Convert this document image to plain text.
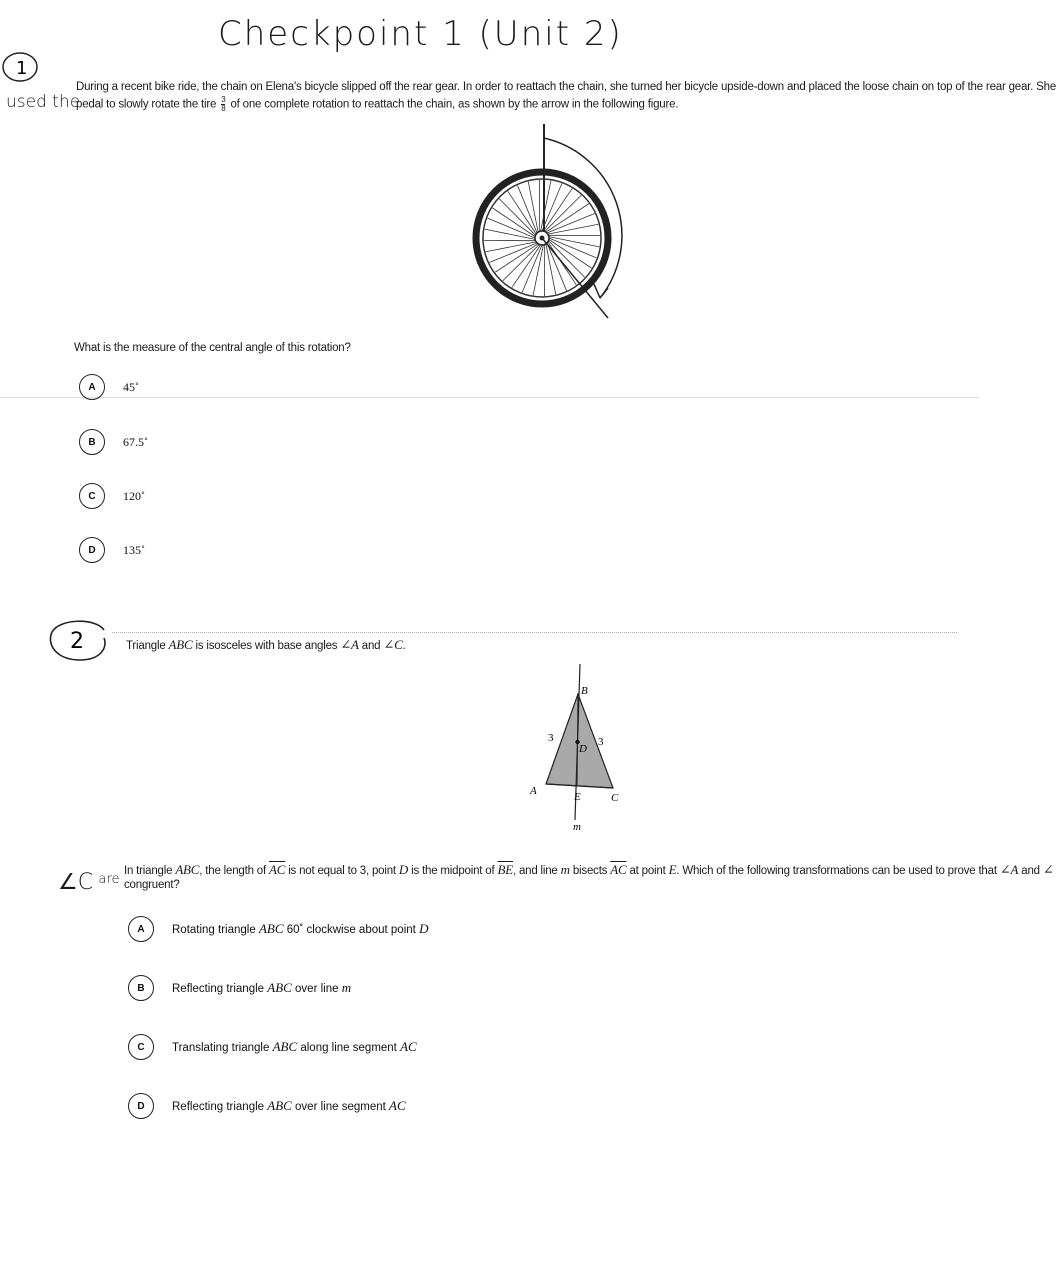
Checkpoint 1 (Unit 2)
1
used the
During a recent bike ride, the chain on Elena's bicycle slipped off the rear gear. In order to reattach the chain, she turned her bicycle upside-down and placed the loose chain on top of the rear gear. She
pedal to slowly rotate the tire $\frac{3}{8}$ of one complete rotation to reattach the chain, as shown by the arrow in the following figure.
What is the measure of the central angle of this rotation?
A	45˚
B	67.5˚
C	120˚
D	135˚
2	Triangle ABC is isosceles with base angles ∠A and ∠C.
B
D
A	E	C
m
3	3
In triangle ABC, the length of $\overline{AC}$ is not equal to 3, point D is the midpoint of $\overline{BE}$, and line m bisects $\overline{AC}$ at point E. Which of the following transformations can be used to prove that ∠A and ∠
congruent?
∠C $^{are}$
A	Rotating triangle ABC 60˚ clockwise about point D
B	Reflecting triangle ABC over line m
C	Translating triangle ABC along line segment AC
D	Reflecting triangle ABC over line segment AC
